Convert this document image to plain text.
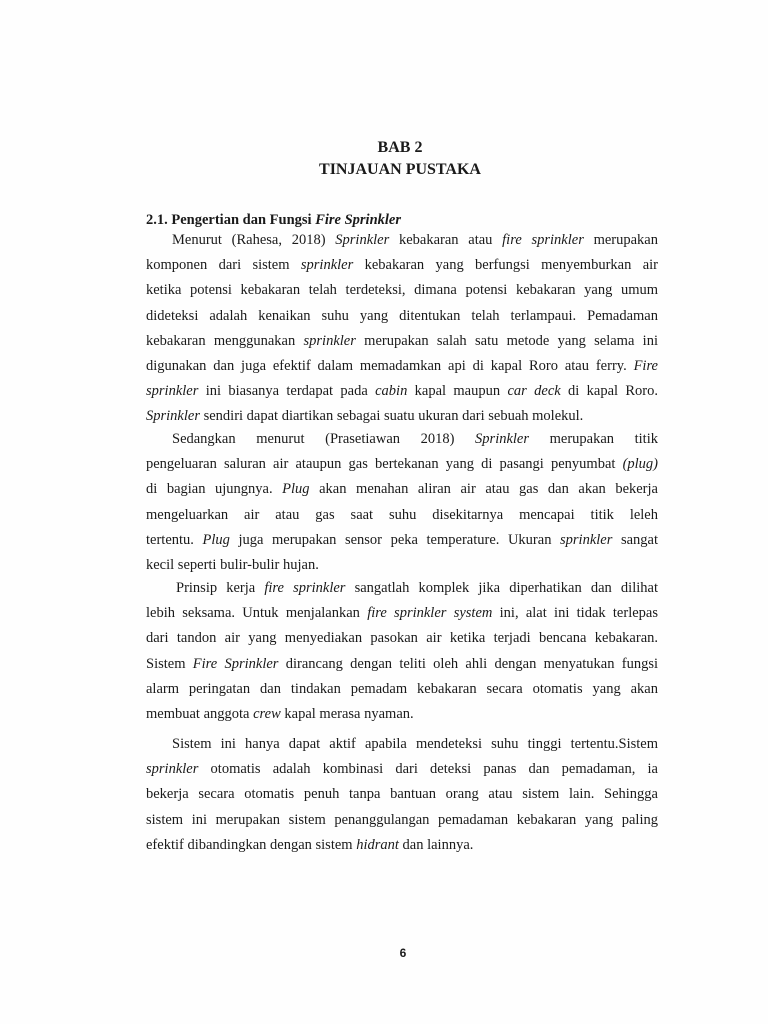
BAB 2
TINJAUAN PUSTAKA
2.1. Pengertian dan Fungsi Fire Sprinkler
Menurut (Rahesa, 2018) Sprinkler kebakaran atau fire sprinkler merupakan
komponen dari sistem sprinkler kebakaran yang berfungsi menyemburkan air
ketika potensi kebakaran telah terdeteksi, dimana potensi kebakaran yang umum
dideteksi adalah kenaikan suhu yang ditentukan telah terlampaui. Pemadaman
kebakaran menggunakan sprinkler merupakan salah satu metode yang selama ini
digunakan dan juga efektif dalam memadamkan api di kapal Roro atau ferry. Fire
sprinkler ini biasanya terdapat pada cabin kapal maupun car deck di kapal Roro.
Sprinkler sendiri dapat diartikan sebagai suatu ukuran dari sebuah molekul.
Sedangkan menurut (Prasetiawan 2018) Sprinkler merupakan titik
pengeluaran saluran air ataupun gas bertekanan yang di pasangi penyumbat (plug)
di bagian ujungnya. Plug akan menahan aliran air atau gas dan akan bekerja
mengeluarkan air atau gas saat suhu disekitarnya mencapai titik leleh
tertentu. Plug juga merupakan sensor peka temperature. Ukuran sprinkler sangat
kecil seperti bulir-bulir hujan.
Prinsip kerja fire sprinkler sangatlah komplek jika diperhatikan dan dilihat
lebih seksama. Untuk menjalankan fire sprinkler system ini, alat ini tidak terlepas
dari tandon air yang menyediakan pasokan air ketika terjadi bencana kebakaran.
Sistem Fire Sprinkler dirancang dengan teliti oleh ahli dengan menyatukan fungsi
alarm peringatan dan tindakan pemadam kebakaran secara otomatis yang akan
membuat anggota crew kapal merasa nyaman.
Sistem ini hanya dapat aktif apabila mendeteksi suhu tinggi tertentu.Sistem
sprinkler otomatis adalah kombinasi dari deteksi panas dan pemadaman, ia
bekerja secara otomatis penuh tanpa bantuan orang atau sistem lain. Sehingga
sistem ini merupakan sistem penanggulangan pemadaman kebakaran yang paling
efektif dibandingkan dengan sistem hidrant dan lainnya.
6
